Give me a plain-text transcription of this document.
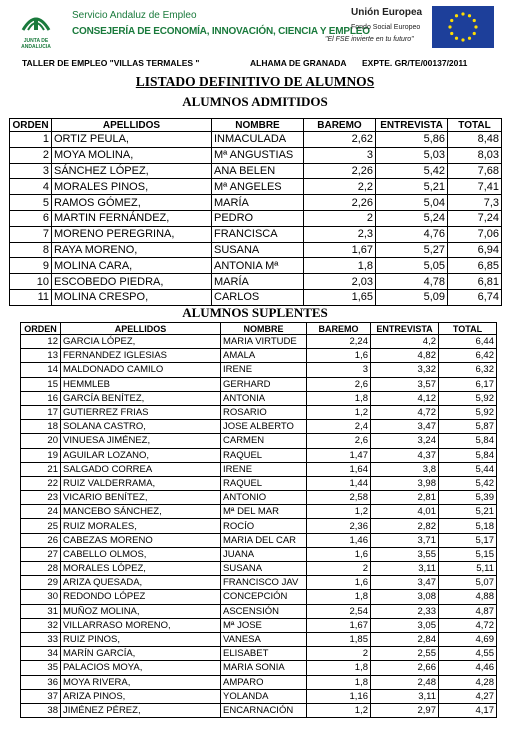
JUNTA DE ANDALUCIA
Servicio Andaluz de Empleo
CONSEJERÍA DE ECONOMÍA, INNOVACIÓN, CIENCIA Y EMPLEO
Unión Europea
Fondo Social Europeo
"El FSE invierte en tu futuro"
TALLER DE EMPLEO "VILLAS TERMALES "	ALHAMA DE GRANADA EXPTE. GR/TE/00137/2011
LISTADO DEFINITIVO DE ALUMNOS
ALUMNOS ADMITIDOS
ORDEN	APELLIDOS	NOMBRE	BAREMO	ENTREVISTA	TOTAL
1	ORTIZ PEULA,	INMACULADA	2,62	5,86	8,48
2	MOYA MOLINA,	Mª ANGUSTIAS	3	5,03	8,03
3	SÁNCHEZ LÓPEZ,	ANA BELEN	2,26	5,42	7,68
4	MORALES PINOS,	Mª ANGELES	2,2	5,21	7,41
5	RAMOS GÓMEZ,	MARÍA	2,26	5,04	7,3
6	MARTIN FERNÁNDEZ,	PEDRO	2	5,24	7,24
7	MORENO PEREGRINA,	FRANCISCA	2,3	4,76	7,06
8	RAYA MORENO,	SUSANA	1,67	5,27	6,94
9	MOLINA CARA,	ANTONIA Mª	1,8	5,05	6,85
10	ESCOBEDO PIEDRA,	MARÍA	2,03	4,78	6,81
11	MOLINA CRESPO,	CARLOS	1,65	5,09	6,74
ALUMNOS SUPLENTES
ORDEN	APELLIDOS	NOMBRE	BAREMO	ENTREVISTA	TOTAL
12	GARCIA LÓPEZ,	MARIA VIRTUDE	2,24	4,2	6,44
13	FERNANDEZ IGLESIAS	AMALA	1,6	4,82	6,42
14	MALDONADO CAMILO	IRENE	3	3,32	6,32
15	HEMMLEB	GERHARD	2,6	3,57	6,17
16	GARCÍA BENÍTEZ,	ANTONIA	1,8	4,12	5,92
17	GUTIERREZ FRIAS	ROSARIO	1,2	4,72	5,92
18	SOLANA CASTRO,	JOSE ALBERTO	2,4	3,47	5,87
20	VINUESA JIMÉNEZ,	CARMEN	2,6	3,24	5,84
19	AGUILAR LOZANO,	RAQUEL	1,47	4,37	5,84
21	SALGADO CORREA	IRENE	1,64	3,8	5,44
22	RUIZ VALDERRAMA,	RAQUEL	1,44	3,98	5,42
23	VICARIO BENÍTEZ,	ANTONIO	2,58	2,81	5,39
24	MANCEBO SÁNCHEZ,	Mª DEL MAR	1,2	4,01	5,21
25	RUIZ MORALES,	ROCÍO	2,36	2,82	5,18
26	CABEZAS MORENO	MARIA DEL CAR	1,46	3,71	5,17
27	CABELLO OLMOS,	JUANA	1,6	3,55	5,15
28	MORALES LÓPEZ,	SUSANA	2	3,11	5,11
29	ARIZA QUESADA,	FRANCISCO JAV	1,6	3,47	5,07
30	REDONDO LÓPEZ	CONCEPCIÓN	1,8	3,08	4,88
31	MUÑOZ MOLINA,	ASCENSIÓN	2,54	2,33	4,87
32	VILLARRASO MORENO,	Mª JOSE	1,67	3,05	4,72
33	RUIZ PINOS,	VANESA	1,85	2,84	4,69
34	MARÍN GARCÍA,	ELISABET	2	2,55	4,55
35	PALACIOS MOYA,	MARIA SONIA	1,8	2,66	4,46
36	MOYA RIVERA,	AMPARO	1,8	2,48	4,28
37	ARIZA PINOS,	YOLANDA	1,16	3,11	4,27
38	JIMÉNEZ PÉREZ,	ENCARNACIÓN	1,2	2,97	4,17
